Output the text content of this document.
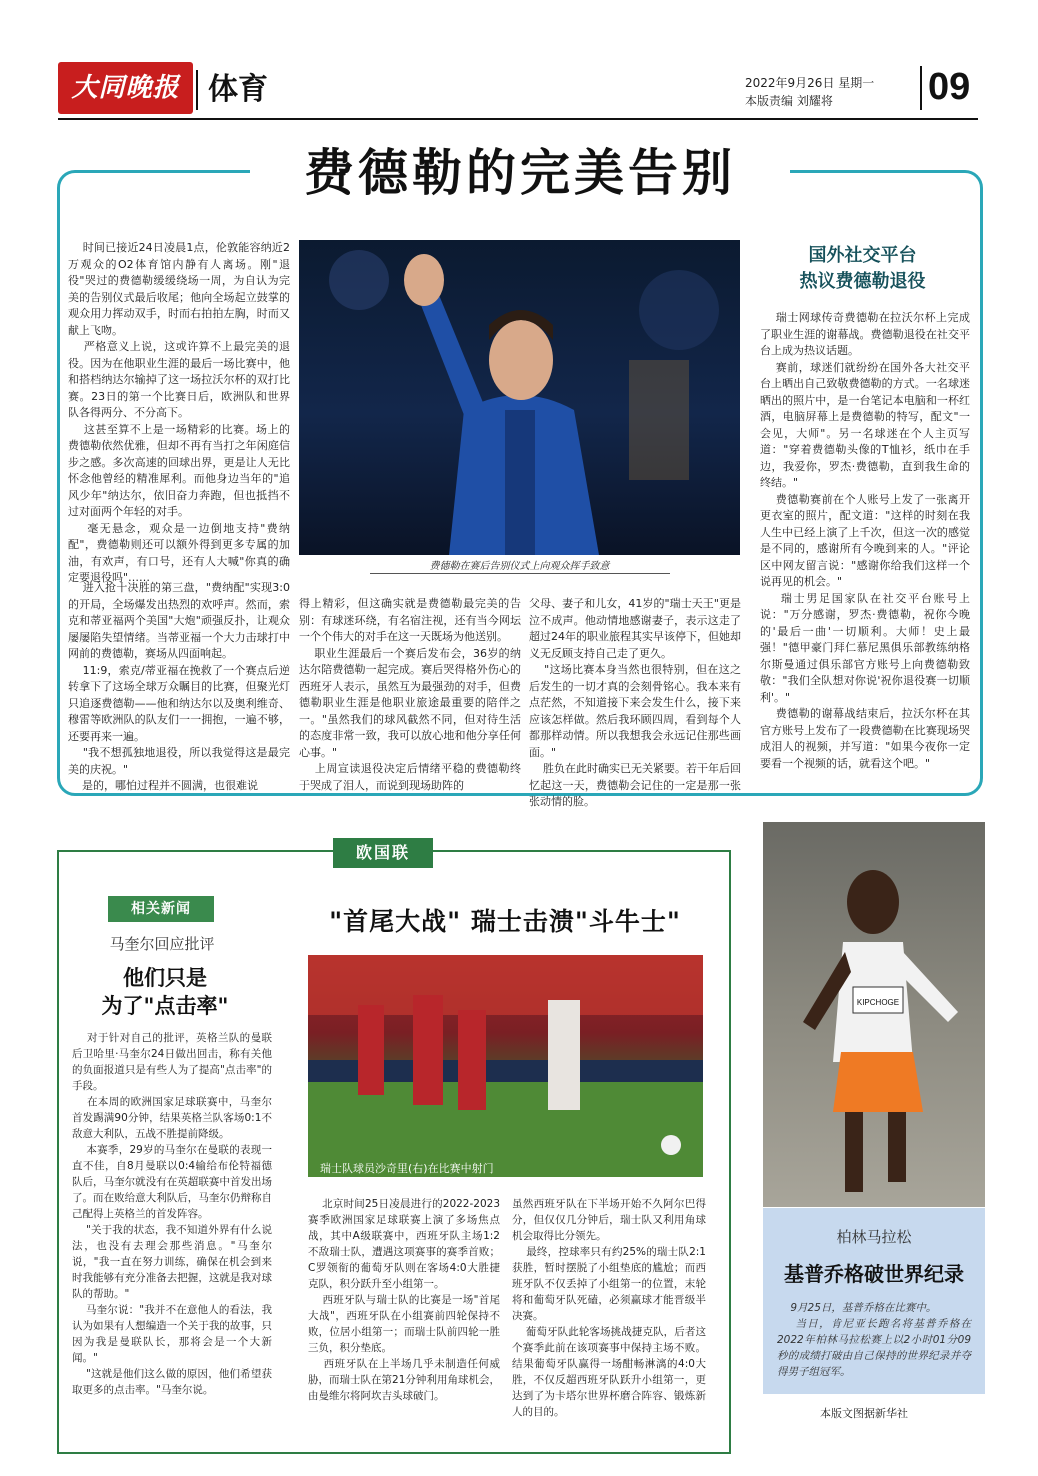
大同晚报 体育	2022年9月26日 星期一
本版责编 刘耀将	09
费德勒的完美告别
时间已接近24日凌晨1点，伦敦能容纳近2万观众的O2体育馆内静有人离场。刚"退役"哭过的费德勒缓缓绕场一周，为自认为完美的告别仪式最后收尾；他向全场起立鼓掌的观众用力挥动双手，时而右拍拍左胸，时而又献上飞吻。
严格意义上说，这或许算不上最完美的退役。因为在他职业生涯的最后一场比赛中，他和搭档纳达尔输掉了这一场拉沃尔杯的双打比赛。23日的第一个比赛日后，欧洲队和世界队各得两分、不分高下。
这甚至算不上是一场精彩的比赛。场上的费德勒依然优雅，但却不再有当打之年闲庭信步之感。多次高速的回球出界，更是让人无比怀念他曾经的精准犀利。而他身边当年的"追风少年"纳达尔，依旧奋力奔跑，但也抵挡不过对面两个年轻的对手。
毫无悬念，观众是一边倒地支持"费纳配"，费德勒则还可以额外得到更多专属的加油，有欢声，有口号，还有人大喊"你真的确定要退役吗"……
进入抢十决胜的第三盘，"费纳配"实现3:0的开局，全场爆发出热烈的欢呼声。然而，索克和蒂亚福两个美国"大炮"顽强反扑，让观众屡屡陷失望情绪。当蒂亚福一个大力击球打中网前的费德勒，赛场从四面响起。
11:9，索克/蒂亚福在挽救了一个赛点后逆转拿下了这场全球万众瞩目的比赛，但聚光灯只追逐费德勒——他和纳达尔以及奥利维奇、穆雷等欧洲队的队友们一一拥抱，一遍不够，还要再来一遍。
"我不想孤独地退役，所以我觉得这是最完美的庆祝。"
是的，哪怕过程并不圆满，也很难说
费德勒在赛后告别仪式上向观众挥手致意
得上精彩，但这确实就是费德勒最完美的告别：有球迷环绕，有名宿注视，还有当今网坛一个个伟大的对手在这一天既场为他送别。
职业生涯最后一个赛后发布会，36岁的纳达尔陪费德勒一起完成。赛后哭得格外伤心的西班牙人表示，虽然互为最强劲的对手，但费德勒职业生涯是他职业旅途最重要的陪伴之一。"虽然我们的球风截然不同，但对待生活的态度非常一致，我可以放心地和他分享任何心事。"
上周宣读退役决定后情绪平稳的费德勒终于哭成了泪人，而说到现场助阵的
父母、妻子和儿女，41岁的"瑞士天王"更是泣不成声。他动情地感谢妻子，表示这走了超过24年的职业旅程其实早该停下，但她却义无反顾支持自己走了更久。
"这场比赛本身当然也很特别，但在这之后发生的一切才真的会刻骨铭心。我本来有点茫然，不知道接下来会发生什么，接下来应该怎样做。然后我环顾四周，看到每个人都那样动情。所以我想我会永远记住那些画面。"
胜负在此时确实已无关紧要。若干年后回忆起这一天，费德勒会记住的一定是那一张张动情的脸。
国外社交平台
热议费德勒退役
瑞士网球传奇费德勒在拉沃尔杯上完成了职业生涯的谢幕战。费德勒退役在社交平台上成为热议话题。
赛前，球迷们就纷纷在国外各大社交平台上晒出自己致敬费德勒的方式。一名球迷晒出的照片中，是一台笔记本电脑和一杯红酒，电脑屏幕上是费德勒的特写，配文"一会见，大师"。另一名球迷在个人主页写道："穿着费德勒头像的T恤衫，纸巾在手边，我爱你，罗杰·费德勒，直到我生命的终结。"
费德勒赛前在个人账号上发了一张离开更衣室的照片，配文道："这样的时刻在我人生中已经上演了上千次，但这一次的感觉是不同的，感谢所有今晚到来的人。"评论区中网友留言说："感谢你给我们这样一个说再见的机会。"
瑞士男足国家队在社交平台账号上说："万分感谢，罗杰·费德勒，祝你今晚的'最后一曲'一切顺利。大师！史上最强！"德甲豪门拜仁慕尼黑俱乐部教练纳格尔斯曼通过俱乐部官方账号上向费德勒致敬："我们全队想对你说'祝你退役赛一切顺利'。"
费德勒的谢幕战结束后，拉沃尔杯在其官方账号上发布了一段费德勒在比赛现场哭成泪人的视频，并写道："如果今夜你一定要看一个视频的话，就看这个吧。"
欧国联
相关新闻
马奎尔回应批评
他们只是
为了"点击率"
对于针对自己的批评，英格兰队的曼联后卫哈里·马奎尔24日做出回击，称有关他的负面报道只是有些人为了提高"点击率"的手段。
在本周的欧洲国家足球联赛中，马奎尔首发踢满90分钟，结果英格兰队客场0:1不敌意大利队，五战不胜提前降级。
本赛季，29岁的马奎尔在曼联的表现一直不佳，自8月曼联以0:4输给布伦特福德队后，马奎尔就没有在英超联赛中首发出场了。而在败给意大利队后，马奎尔仍辩称自己配得上英格兰的首发阵容。
"关于我的状态，我不知道外界有什么说法，也没有去理会那些消息。"马奎尔说，"我一直在努力训练，确保在机会到来时我能够有充分准备去把握，这就是我对球队的帮助。"
马奎尔说："我并不在意他人的看法，我认为如果有人想编造一个关于我的故事，只因为我是曼联队长，那将会是一个大新闻。"
"这就是他们这么做的原因，他们希望获取更多的点击率。"马奎尔说。
"首尾大战" 瑞士击溃"斗牛士"
瑞士队球员沙奇里(右)在比赛中射门
北京时间25日凌晨进行的2022-2023赛季欧洲国家足球联赛上演了多场焦点战，其中A级联赛中，西班牙队主场1:2不敌瑞士队，遭遇这项赛事的赛季首败；C罗领衔的葡萄牙队则在客场4:0大胜捷克队，积分跃升至小组第一。
西班牙队与瑞士队的比赛是一场"首尾大战"，西班牙队在小组赛前四轮保持不败，位居小组第一；而瑞士队前四轮一胜三负，积分垫底。
西班牙队在上半场几乎未制造任何威胁，而瑞士队在第21分钟利用角球机会，由曼维尔将阿坎吉头球破门。
虽然西班牙队在下半场开始不久阿尔巴得分，但仅仅几分钟后，瑞士队又利用角球机会取得比分领先。
最终，控球率只有约25%的瑞士队2:1获胜，暂时摆脱了小组垫底的尴尬；而西班牙队不仅丢掉了小组第一的位置，末轮将和葡萄牙队死磕，必须赢球才能晋级半决赛。
葡萄牙队此轮客场挑战捷克队，后者这个赛季此前在该项赛事中保持主场不败。结果葡萄牙队赢得一场酣畅淋漓的4:0大胜，不仅反超西班牙队跃升小组第一，更达到了为卡塔尔世界杯磨合阵容、锻炼新人的目的。
KIPCHOGE
柏林马拉松
基普乔格破世界纪录
9月25日，基普乔格在比赛中。
当日，肯尼亚长跑名将基普乔格在2022年柏林马拉松赛上以2小时01分09秒的成绩打破由自己保持的世界纪录并夺得男子组冠军。
本版文图据新华社
